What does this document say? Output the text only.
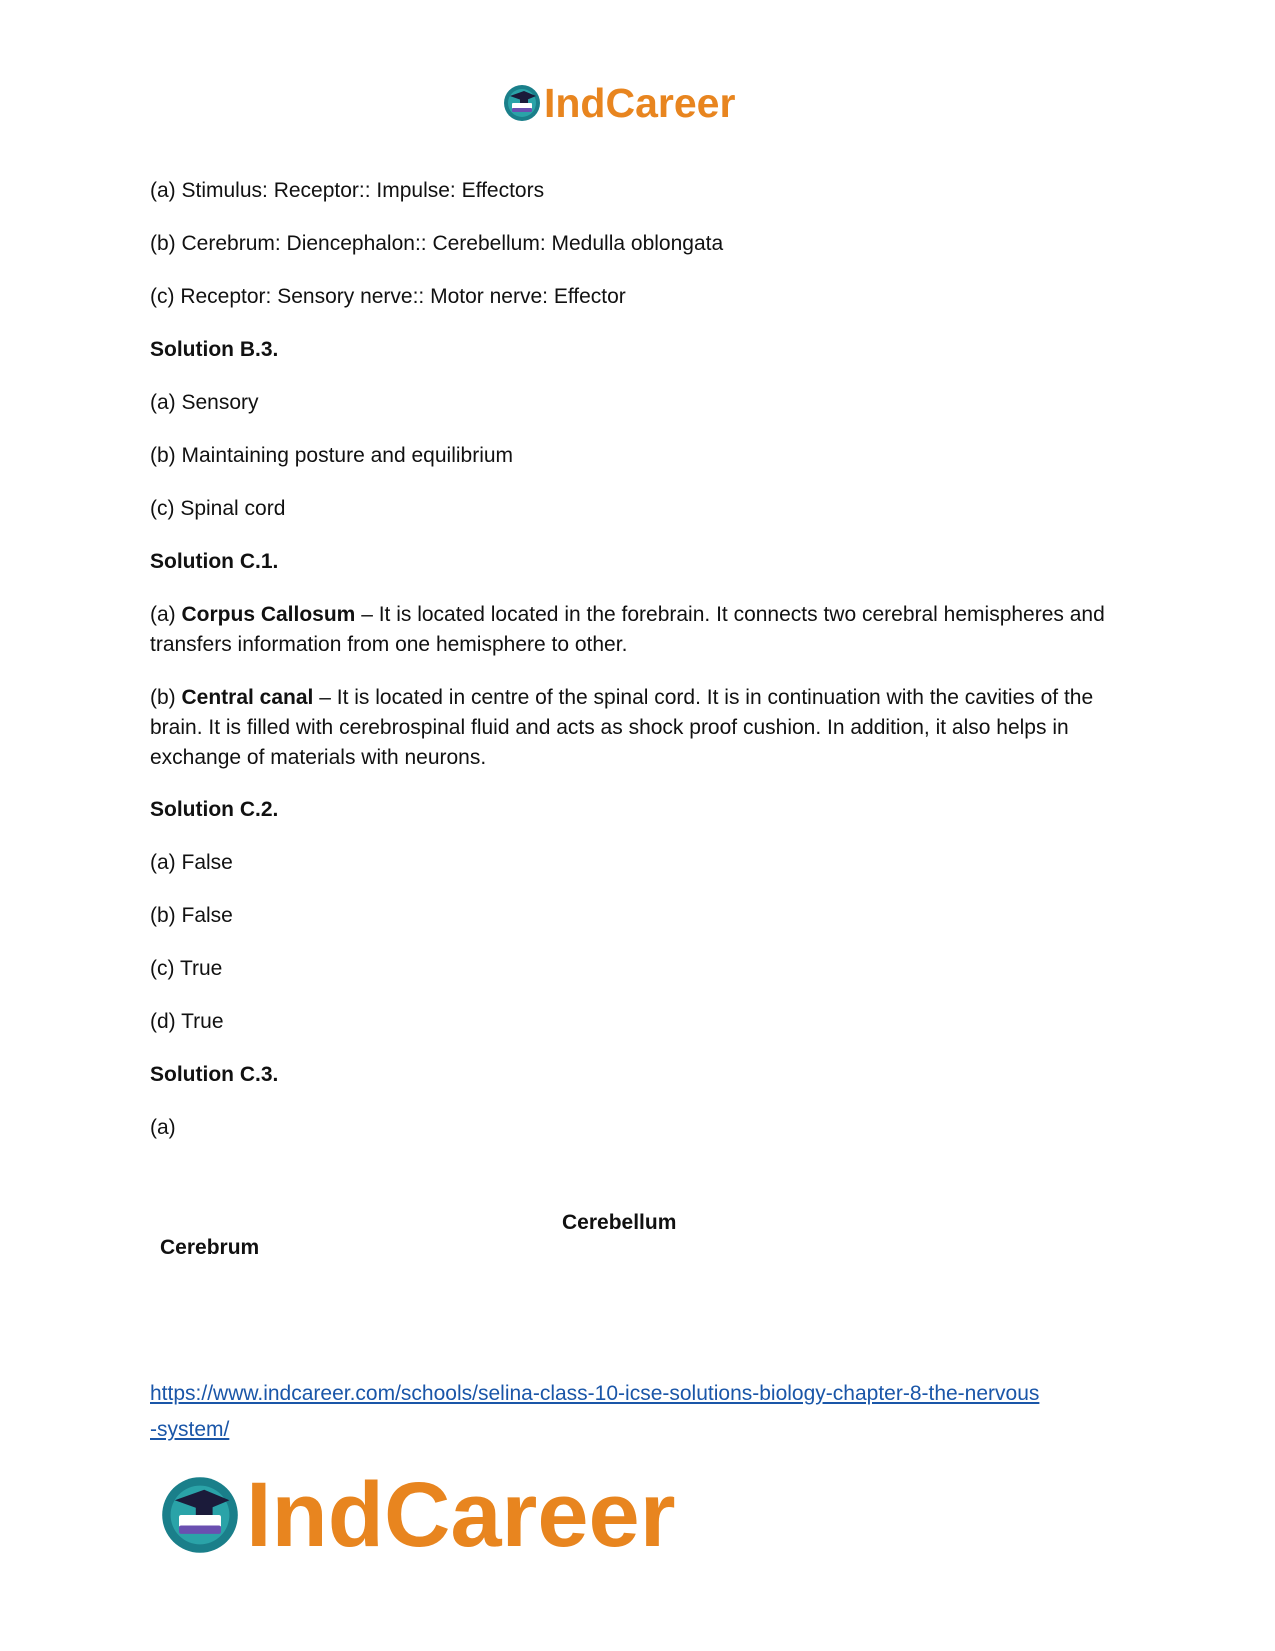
IndCareer

(a) Stimulus: Receptor:: Impulse: Effectors

(b) Cerebrum: Diencephalon:: Cerebellum: Medulla oblongata

(c) Receptor: Sensory nerve:: Motor nerve: Effector

Solution B.3.

(a) Sensory

(b) Maintaining posture and equilibrium

(c) Spinal cord

Solution C.1.

(a) Corpus Callosum – It is located located in the forebrain. It connects two cerebral hemispheres and transfers information from one hemisphere to other.

(b) Central canal – It is located in centre of the spinal cord. It is in continuation with the cavities of the brain. It is filled with cerebrospinal fluid and acts as shock proof cushion. In addition, it also helps in exchange of materials with neurons.

Solution C.2.

(a) False

(b) False

(c) True

(d) True

Solution C.3.

(a)

Cerebellum
Cerebrum
https://www.indcareer.com/schools/selina-class-10-icse-solutions-biology-chapter-8-the-nervous
-system/
IndCareer
